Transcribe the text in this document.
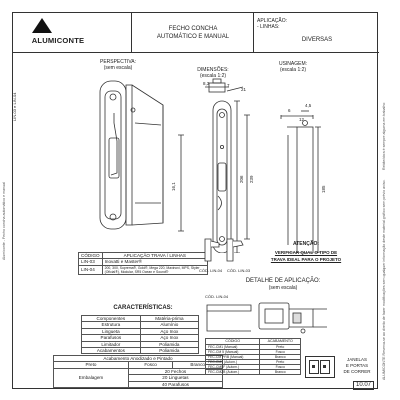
Alumiconte - Fecho concha automático e manual
Rebite/obra é sempre alguma em trabalho
ALUMICONTE Reserva-se ao direito de fazer modificações sem qualquer informação deste material gráfico sem prévio aviso.
ALUMICONTE
FECHO CONCHA
AUTOMÁTICO E MANUAL
APLICAÇÃO:
- LINHAS:
DIVERSAS
LIN-03 e LIN-04
PERSPECTIVA:
(sem escala)	DIMENSÕES:
(escala 1:2)
USINAGEM:
(escala 1:2)
7
21
16,1
206 239
6
4,5
8,3
12
185
CÓDIGO	APLICAÇÃO TRAVA / LINHAS
LIN-03	Inovatti e Master®
LIN-04	200, 300, Suprema®, Gold®, Mega 220, Maxinovi, MPS, Styler (Oficial®), Modular, SR5 Ocean e Sound®
CARACTERÍSTICAS:
Componentes	Matéria-prima
Estrutura	Alumínio
Lingueta	Aço Inox
Parafusos	Aço Inox
Limitador	Poliamida
Acabamentos	Poliamida
Acabamento Anodizado e Pintado		
Preto	Fosco	Branco
Embalagem	20 Fechos	
	20 Linguetas	
	40 Parafusos	
CÓD. LIN-04 CÓD. LIN-03
ATENÇÃO:
VERIFICAR QUAL O TIPO DE
TRAVA IDEAL PARA O PROJETO
DETALHE DE APLICAÇÃO:
(sem escala)
CÓD. LIN-04
CÓDIGO	ACABAMENTO
FEC-CM1 (Manual)	Preto
FEC-CM 5 (Manual)	Fosco
FEC-CM PRB (Manual)	Branco
FEC-CM1 (Autom.)	Preto
FEC-CM5F (Autom.)	Fosco
FEC-CM2B (Autom.)	Branco
JANELAS
E PORTAS
DE CORRER
10.07
